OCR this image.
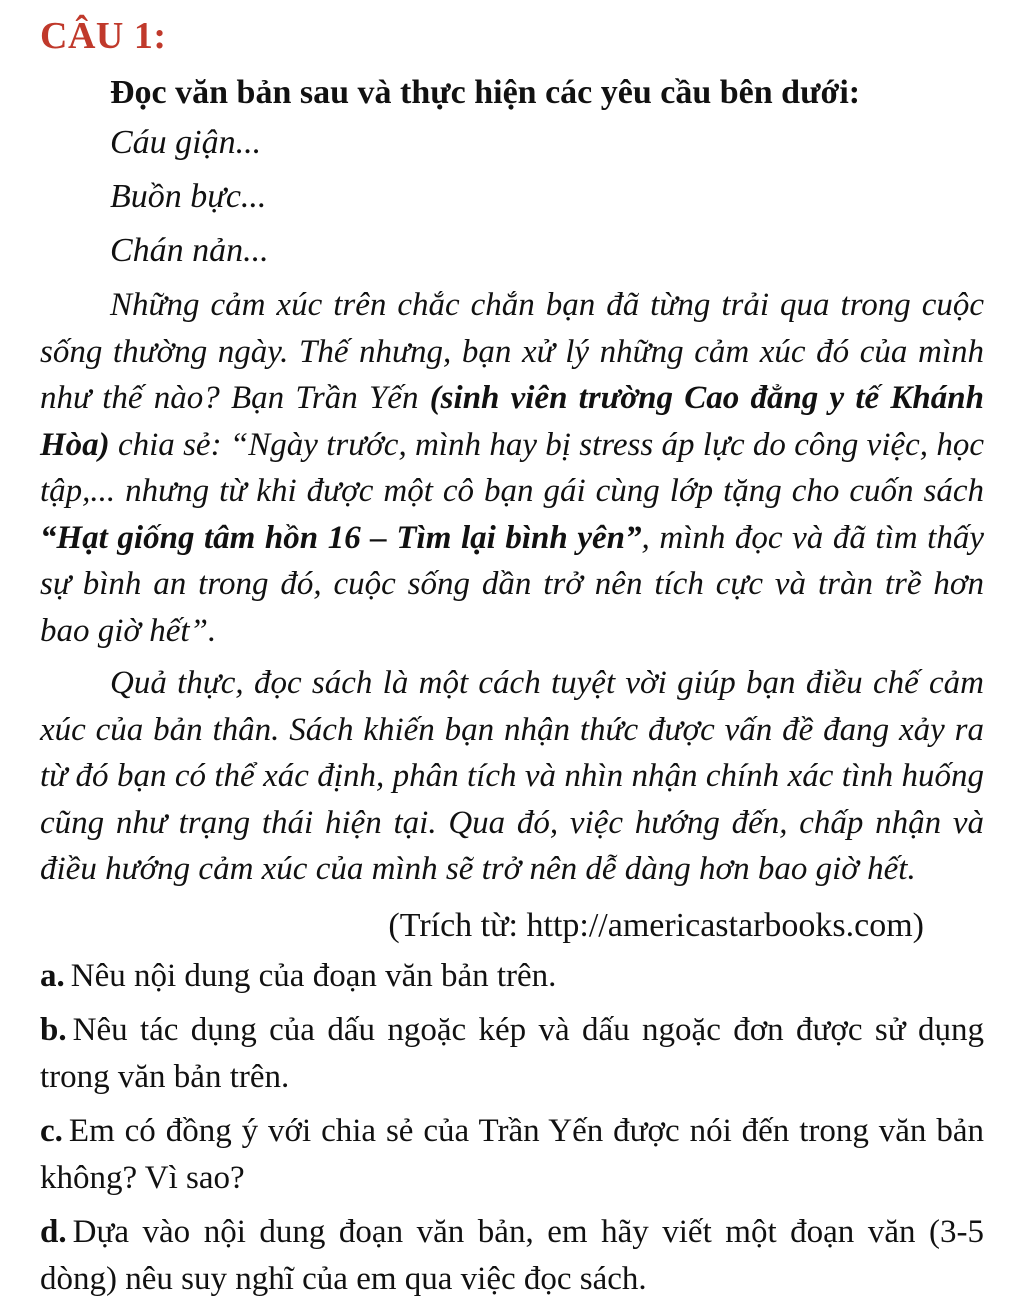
CÂU 1:

Đọc văn bản sau và thực hiện các yêu cầu bên dưới:

Cáu giận...

Buồn bực...

Chán nản...

Những cảm xúc trên chắc chắn bạn đã từng trải qua trong cuộc sống thường ngày. Thế nhưng, bạn xử lý những cảm xúc đó của mình như thế nào? Bạn Trần Yến (sinh viên trường Cao đẳng y tế Khánh Hòa) chia sẻ: “Ngày trước, mình hay bị stress áp lực do công việc, học tập,... nhưng từ khi được một cô bạn gái cùng lớp tặng cho cuốn sách “Hạt giống tâm hồn 16 – Tìm lại bình yên”, mình đọc và đã tìm thấy sự bình an trong đó, cuộc sống dần trở nên tích cực và tràn trề hơn bao giờ hết”.

Quả thực, đọc sách là một cách tuyệt vời giúp bạn điều chế cảm xúc của bản thân. Sách khiến bạn nhận thức được vấn đề đang xảy ra từ đó bạn có thể xác định, phân tích và nhìn nhận chính xác tình huống cũng như trạng thái hiện tại. Qua đó, việc hướng đến, chấp nhận và điều hướng cảm xúc của mình sẽ trở nên dễ dàng hơn bao giờ hết.

(Trích từ: http://americastarbooks.com)

a. Nêu nội dung của đoạn văn bản trên.

b. Nêu tác dụng của dấu ngoặc kép và dấu ngoặc đơn được sử dụng trong văn bản trên.

c. Em có đồng ý với chia sẻ của Trần Yến được nói đến trong văn bản không? Vì sao?

d. Dựa vào nội dung đoạn văn bản, em hãy viết một đoạn văn (3-5 dòng) nêu suy nghĩ của em qua việc đọc sách.
